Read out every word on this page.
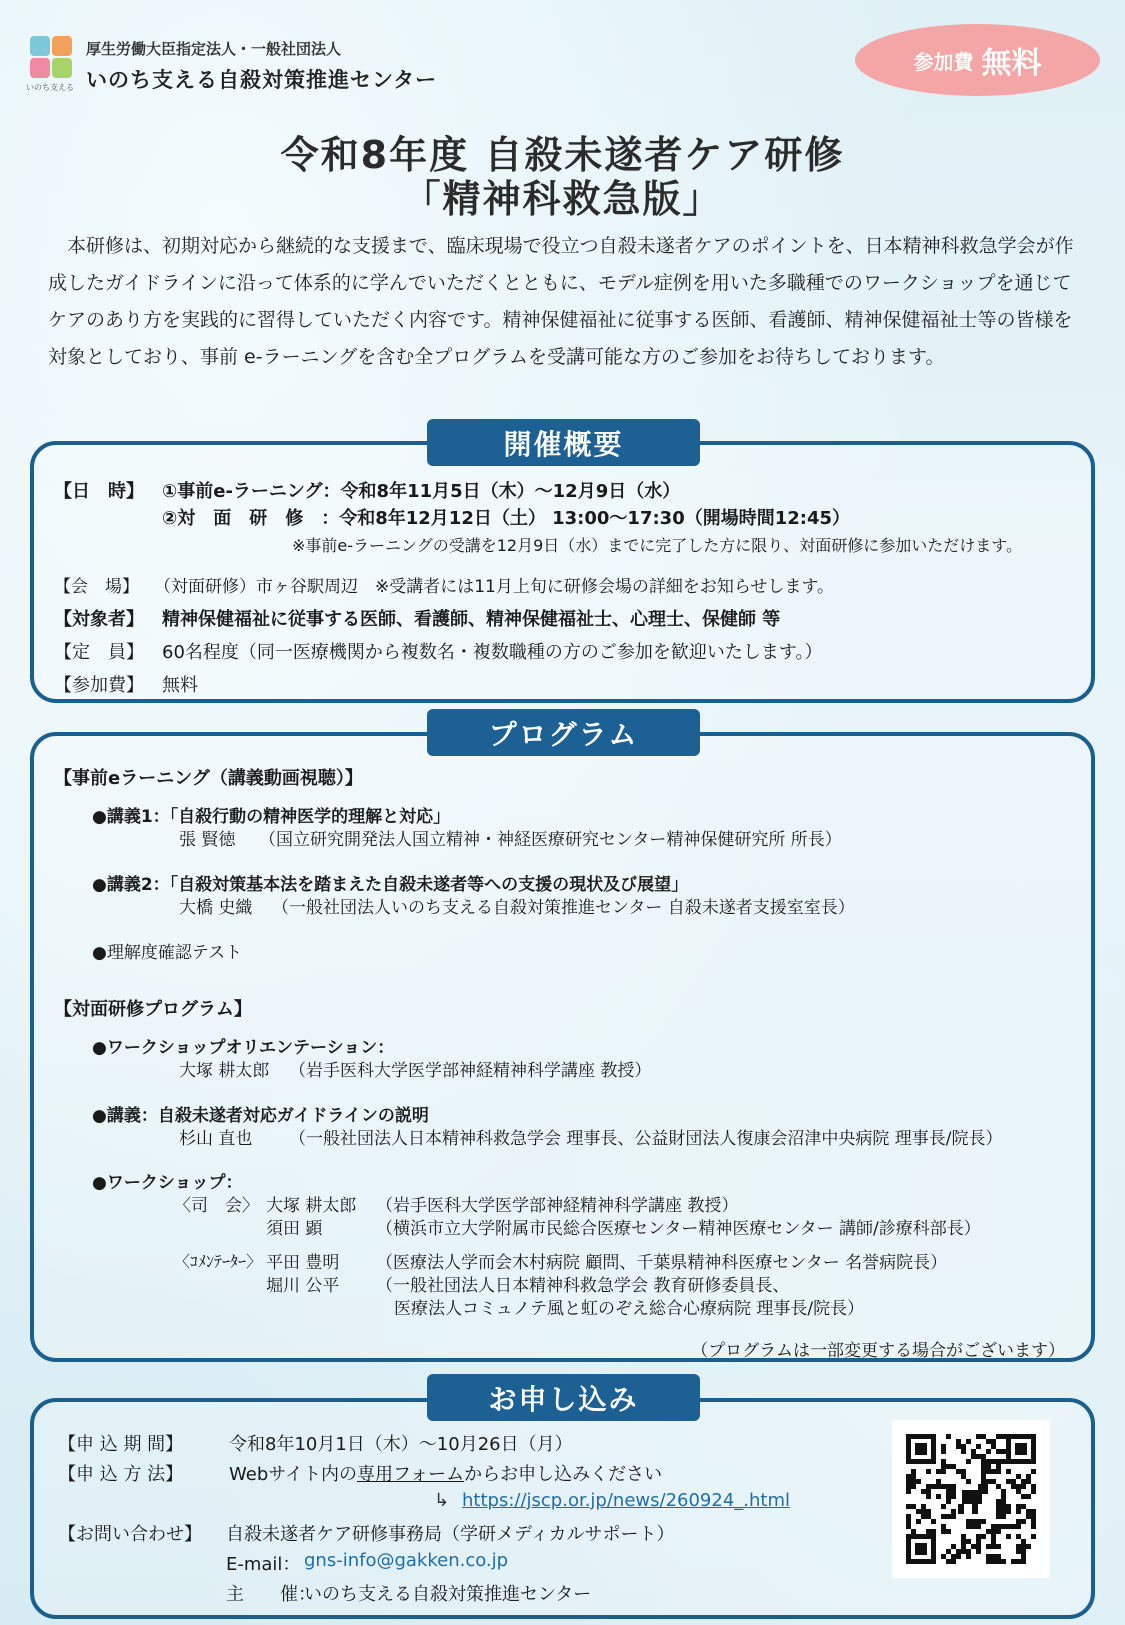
いのち支える
厚生労働大臣指定法人・一般社団法人
いのち支える自殺対策推進センター
参加費 無料
令和8年度 自殺未遂者ケア研修
「精神科救急版」
本研修は、初期対応から継続的な支援まで、臨床現場で役立つ自殺未遂者ケアのポイントを、日本精神科救急学会が作成したガイドラインに沿って体系的に学んでいただくとともに、モデル症例を用いた多職種でのワークショップを通じてケアのあり方を実践的に習得していただく内容です。精神保健福祉に従事する医師、看護師、精神保健福祉士等の皆様を対象としており、事前 e-ラーニングを含む全プログラムを受講可能な方のご参加をお待ちしております。
【日　時】 ①事前e-ラーニング：令和8年11月5日（木）～12月9日（水）
②対　面　研　修　：令和8年12月12日（土） 13:00～17:30（開場時間12:45）
※事前e-ラーニングの受講を12月9日（水）までに完了した方に限り、対面研修に参加いただけます。
【会　場】 （対面研修）市ヶ谷駅周辺　※受講者には11月上旬に研修会場の詳細をお知らせします。
【対象者】 精神保健福祉に従事する医師、看護師、精神保健福祉士、心理士、保健師 等
【定　員】 60名程度（同一医療機関から複数名・複数職種の方のご参加を歓迎いたします。）
【参加費】 無料
開催概要
【事前eラーニング（講義動画視聴）】
●講義1：「自殺行動の精神医学的理解と対応」
張 賢徳 （国立研究開発法人国立精神・神経医療研究センター精神保健研究所 所長）
●講義2：「自殺対策基本法を踏まえた自殺未遂者等への支援の現状及び展望」
大橋 史織 （一般社団法人いのち支える自殺対策推進センター 自殺未遂者支援室室長）
●理解度確認テスト
【対面研修プログラム】
●ワークショップオリエンテーション：
大塚 耕太郎 （岩手医科大学医学部神経精神科学講座 教授）
●講義：自殺未遂者対応ガイドラインの説明
杉山 直也 （一般社団法人日本精神科救急学会 理事長、公益財団法人復康会沼津中央病院 理事長/院長）
●ワークショップ：
〈司　会〉 大塚 耕太郎 （岩手医科大学医学部神経精神科学講座 教授）
須田 顕	（横浜市立大学附属市民総合医療センター精神医療センター 講師/診療科部長）
〈ｺﾒﾝﾃｰﾀｰ〉 平田 豊明 （医療法人学而会木村病院 顧問、千葉県精神科医療センター 名誉病院長）
堀川 公平 （一般社団法人日本精神科救急学会 教育研修委員長、
医療法人コミュノテ風と虹のぞえ総合心療病院 理事長/院長）
（プログラムは一部変更する場合がございます）
プログラム
【申 込 期 間】	令和8年10月1日（木）～10月26日（月）
【申 込 方 法】	Webサイト内の専用フォームからお申し込みください
↳ https://jscp.or.jp/news/260924_.html
【お問い合わせ】 自殺未遂者ケア研修事務局（学研メディカルサポート）
E-mail： gns-info@gakken.co.jp
主　　催：
いのち支える自殺対策推進センター
お申し込み
